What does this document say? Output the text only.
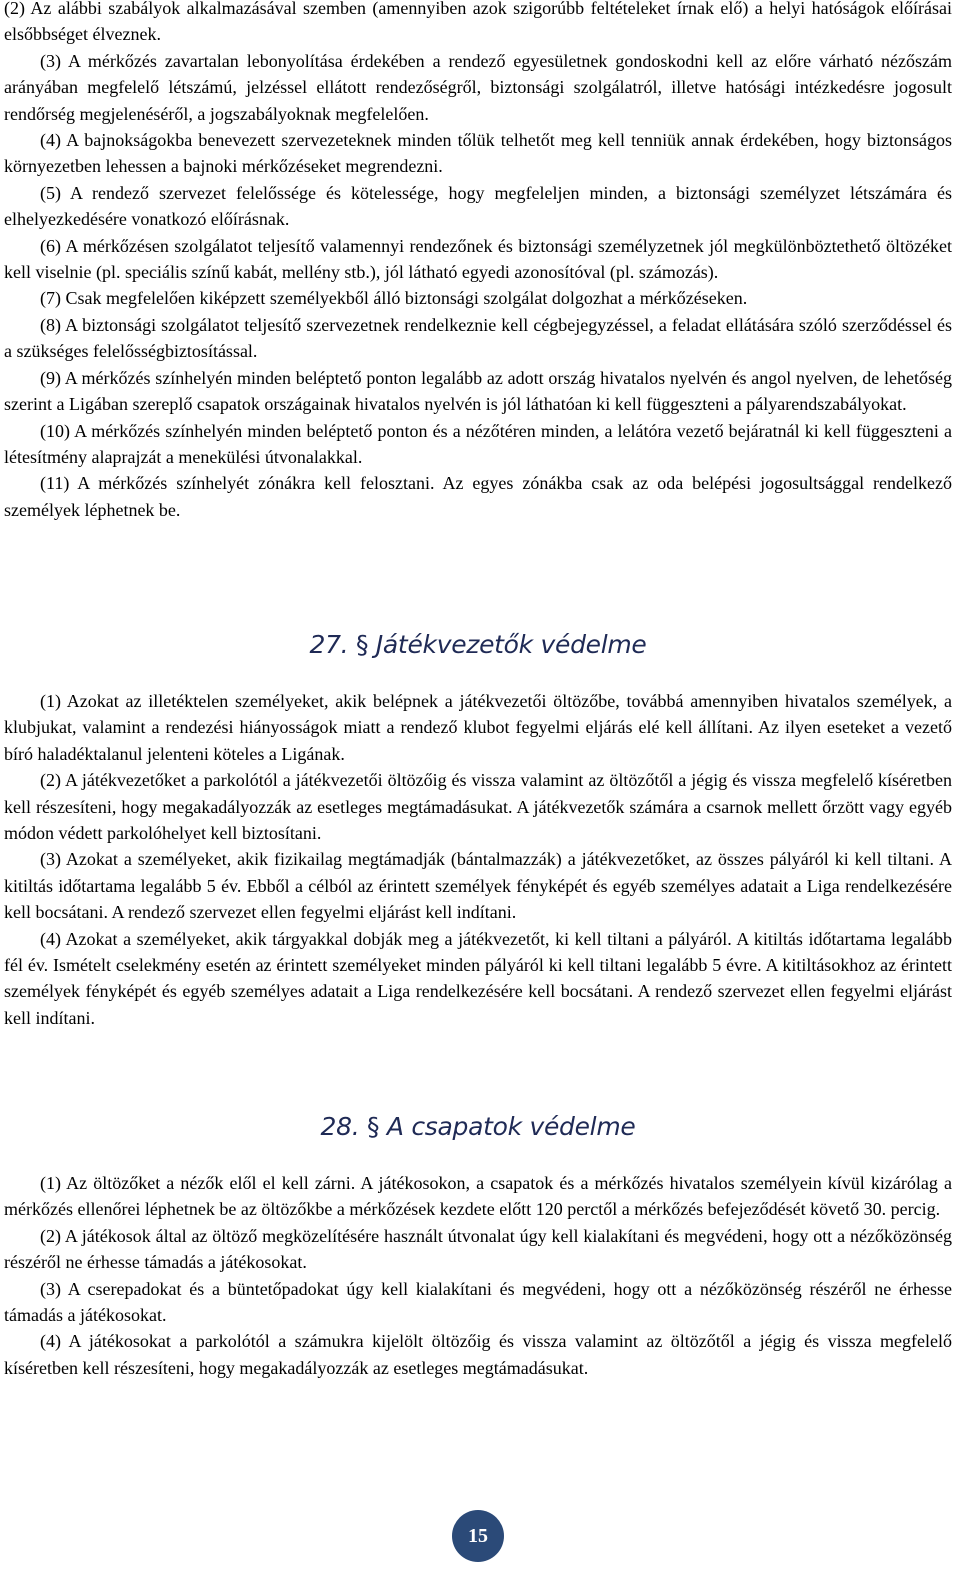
(2) Az alábbi szabályok alkalmazásával szemben (amennyiben azok szigorúbb feltételeket írnak elő) a helyi hatóságok előírásai elsőbbséget élveznek.

(3) A mérkőzés zavartalan lebonyolítása érdekében a rendező egyesületnek gondoskodni kell az előre várható nézőszám arányában megfelelő létszámú, jelzéssel ellátott rendezőségről, biztonsági szolgálatról, illetve hatósági intézkedésre jogosult rendőrség megjelenéséről, a jogszabályoknak megfelelően.

(4) A bajnokságokba benevezett szervezeteknek minden tőlük telhetőt meg kell tenniük annak érdekében, hogy biztonságos környezetben lehessen a bajnoki mérkőzéseket megrendezni.

(5) A rendező szervezet felelőssége és kötelessége, hogy megfeleljen minden, a biztonsági személyzet létszámára és elhelyezkedésére vonatkozó előírásnak.

(6) A mérkőzésen szolgálatot teljesítő valamennyi rendezőnek és biztonsági személyzetnek jól megkülönböztethető öltözéket kell viselnie (pl. speciális színű kabát, mellény stb.), jól látható egyedi azonosítóval (pl. számozás).

(7) Csak megfelelően kiképzett személyekből álló biztonsági szolgálat dolgozhat a mérkőzéseken.

(8) A biztonsági szolgálatot teljesítő szervezetnek rendelkeznie kell cégbejegyzéssel, a feladat ellátására szóló szerződéssel és a szükséges felelősségbiztosítással.

(9) A mérkőzés színhelyén minden beléptető ponton legalább az adott ország hivatalos nyelvén és angol nyelven, de lehetőség szerint a Ligában szereplő csapatok országainak hivatalos nyelvén is jól láthatóan ki kell függeszteni a pályarendszabályokat.

(10) A mérkőzés színhelyén minden beléptető ponton és a nézőtéren minden, a lelátóra vezető bejáratnál ki kell függeszteni a létesítmény alaprajzát a menekülési útvonalakkal.

(11) A mérkőzés színhelyét zónákra kell felosztani. Az egyes zónákba csak az oda belépési jogosultsággal rendelkező személyek léphetnek be.

27. § Játékvezetők védelme

(1) Azokat az illetéktelen személyeket, akik belépnek a játékvezetői öltözőbe, továbbá amennyiben hivatalos személyek, a klubjukat, valamint a rendezési hiányosságok miatt a rendező klubot fegyelmi eljárás elé kell állítani. Az ilyen eseteket a vezető bíró haladéktalanul jelenteni köteles a Ligának.

(2) A játékvezetőket a parkolótól a játékvezetői öltözőig és vissza valamint az öltözőtől a jégig és vissza megfelelő kíséretben kell részesíteni, hogy megakadályozzák az esetleges megtámadásukat. A játékvezetők számára a csarnok mellett őrzött vagy egyéb módon védett parkolóhelyet kell biztosítani.

(3) Azokat a személyeket, akik fizikailag megtámadják (bántalmazzák) a játékvezetőket, az összes pályáról ki kell tiltani. A kitiltás időtartama legalább 5 év. Ebből a célból az érintett személyek fényképét és egyéb személyes adatait a Liga rendelkezésére kell bocsátani. A rendező szervezet ellen fegyelmi eljárást kell indítani.

(4) Azokat a személyeket, akik tárgyakkal dobják meg a játékvezetőt, ki kell tiltani a pályáról. A kitiltás időtartama legalább fél év. Ismételt cselekmény esetén az érintett személyeket minden pályáról ki kell tiltani legalább 5 évre. A kitiltásokhoz az érintett személyek fényképét és egyéb személyes adatait a Liga rendelkezésére kell bocsátani. A rendező szervezet ellen fegyelmi eljárást kell indítani.

28. § A csapatok védelme

(1) Az öltözőket a nézők elől el kell zárni. A játékosokon, a csapatok és a mérkőzés hivatalos személyein kívül kizárólag a mérkőzés ellenőrei léphetnek be az öltözőkbe a mérkőzések kezdete előtt 120 perctől a mérkőzés befejeződését követő 30. percig.

(2) A játékosok által az öltöző megközelítésére használt útvonalat úgy kell kialakítani és megvédeni, hogy ott a nézőközönség részéről ne érhesse támadás a játékosokat.

(3) A cserepadokat és a büntetőpadokat úgy kell kialakítani és megvédeni, hogy ott a nézőközönség részéről ne érhesse támadás a játékosokat.

(4) A játékosokat a parkolótól a számukra kijelölt öltözőig és vissza valamint az öltözőtől a jégig és vissza megfelelő kíséretben kell részesíteni, hogy megakadályozzák az esetleges megtámadásukat.

15
